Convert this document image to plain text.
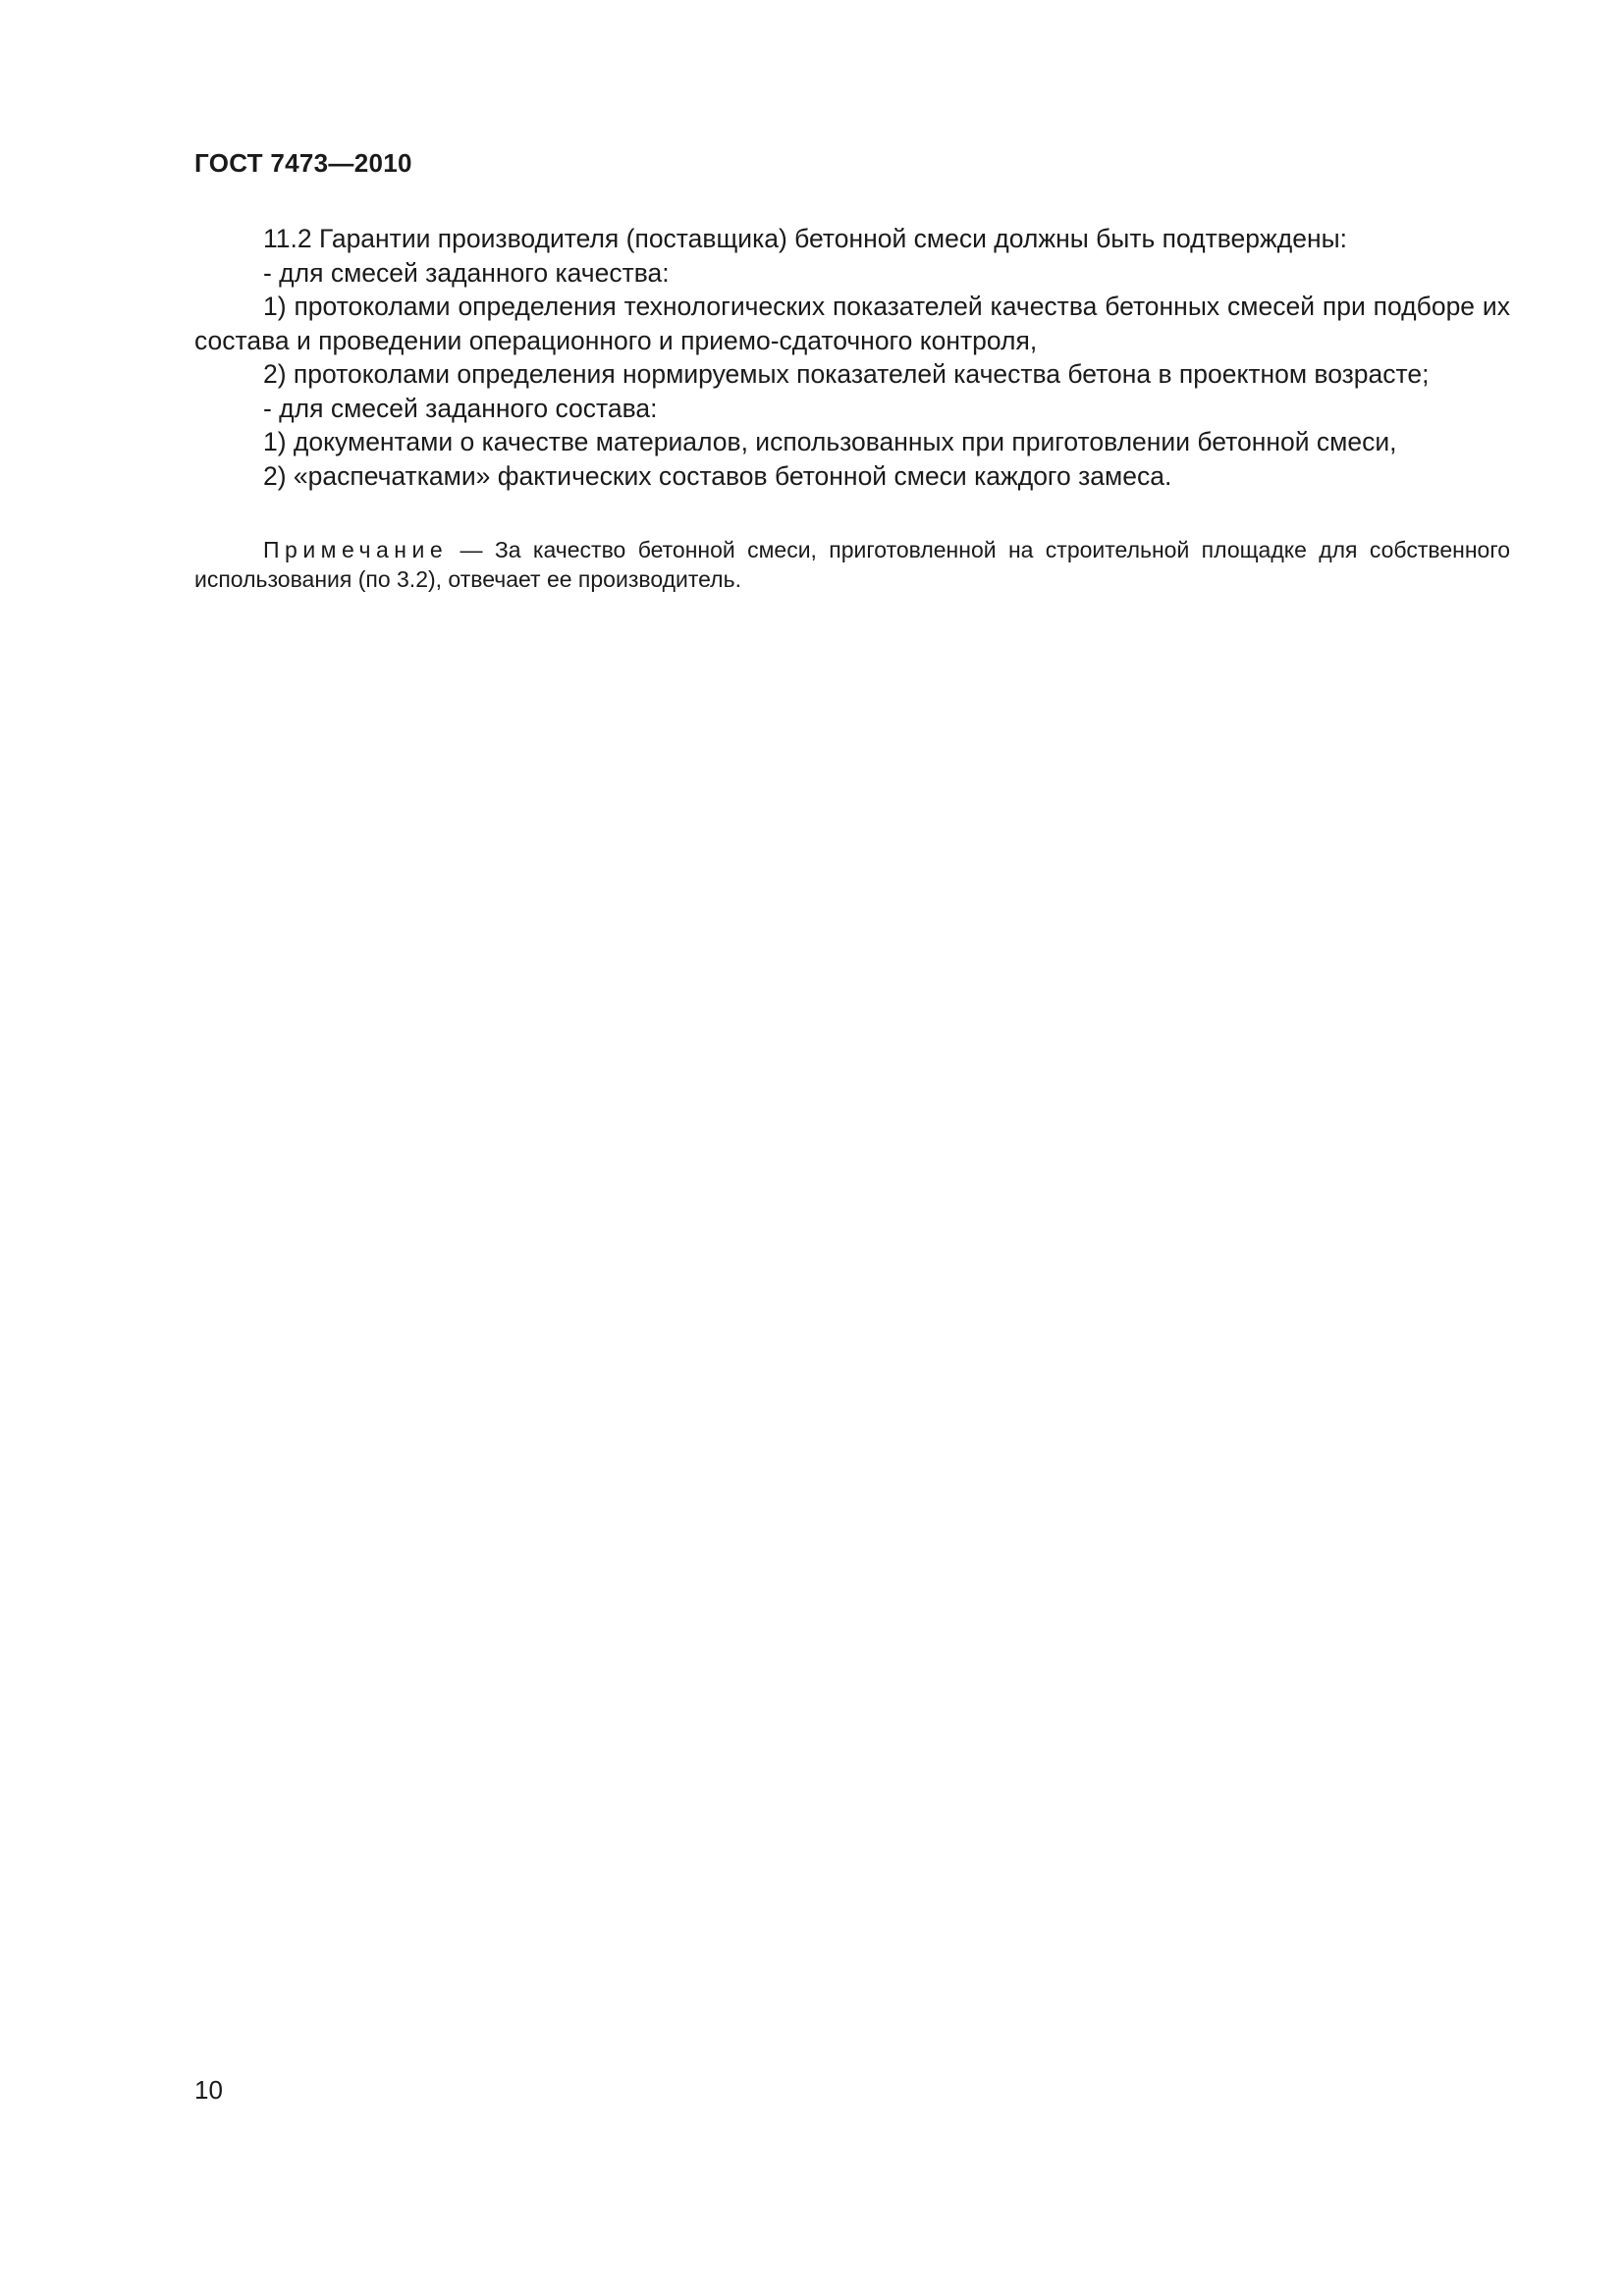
ГОСТ 7473—2010

11.2 Гарантии производителя (поставщика) бетонной смеси должны быть подтверждены:

- для смесей заданного качества:

1) протоколами определения технологических показателей качества бетонных смесей при подборе их состава и проведении операционного и приемо-сдаточного контроля,

2) протоколами определения нормируемых показателей качества бетона в проектном возрасте;

- для смесей заданного состава:

1) документами о качестве материалов, использованных при приготовлении бетонной смеси,

2) «распечатками» фактических составов бетонной смеси каждого замеса.

Примечание — За качество бетонной смеси, приготовленной на строительной площадке для собственного использования (по 3.2), отвечает ее производитель.
10
